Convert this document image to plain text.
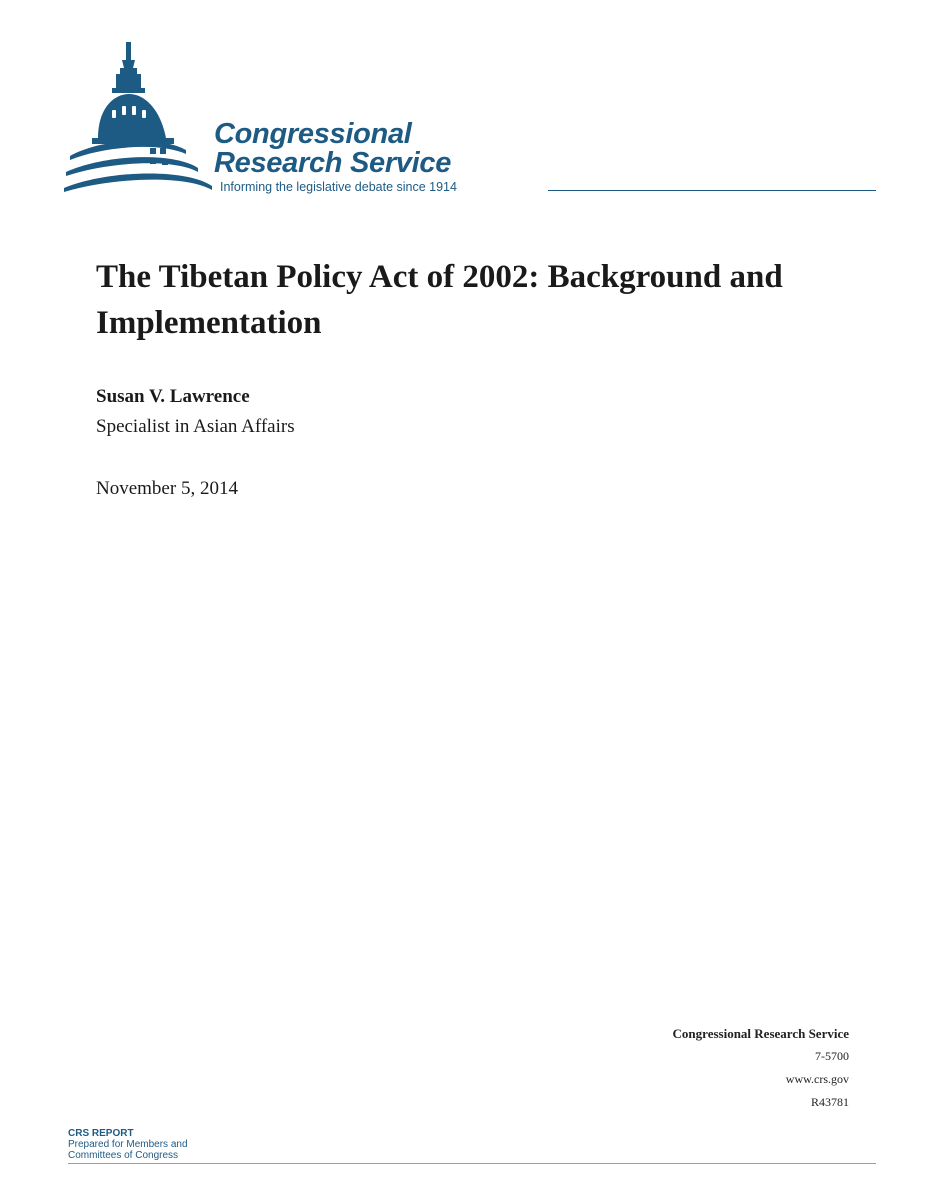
Congressional
Research Service
Informing the legislative debate since 1914
The Tibetan Policy Act of 2002: Background and Implementation
Susan V. Lawrence
Specialist in Asian Affairs
November 5, 2014
Congressional Research Service
7-5700
www.crs.gov
R43781
CRS REPORT
Prepared for Members and
Committees of Congress
